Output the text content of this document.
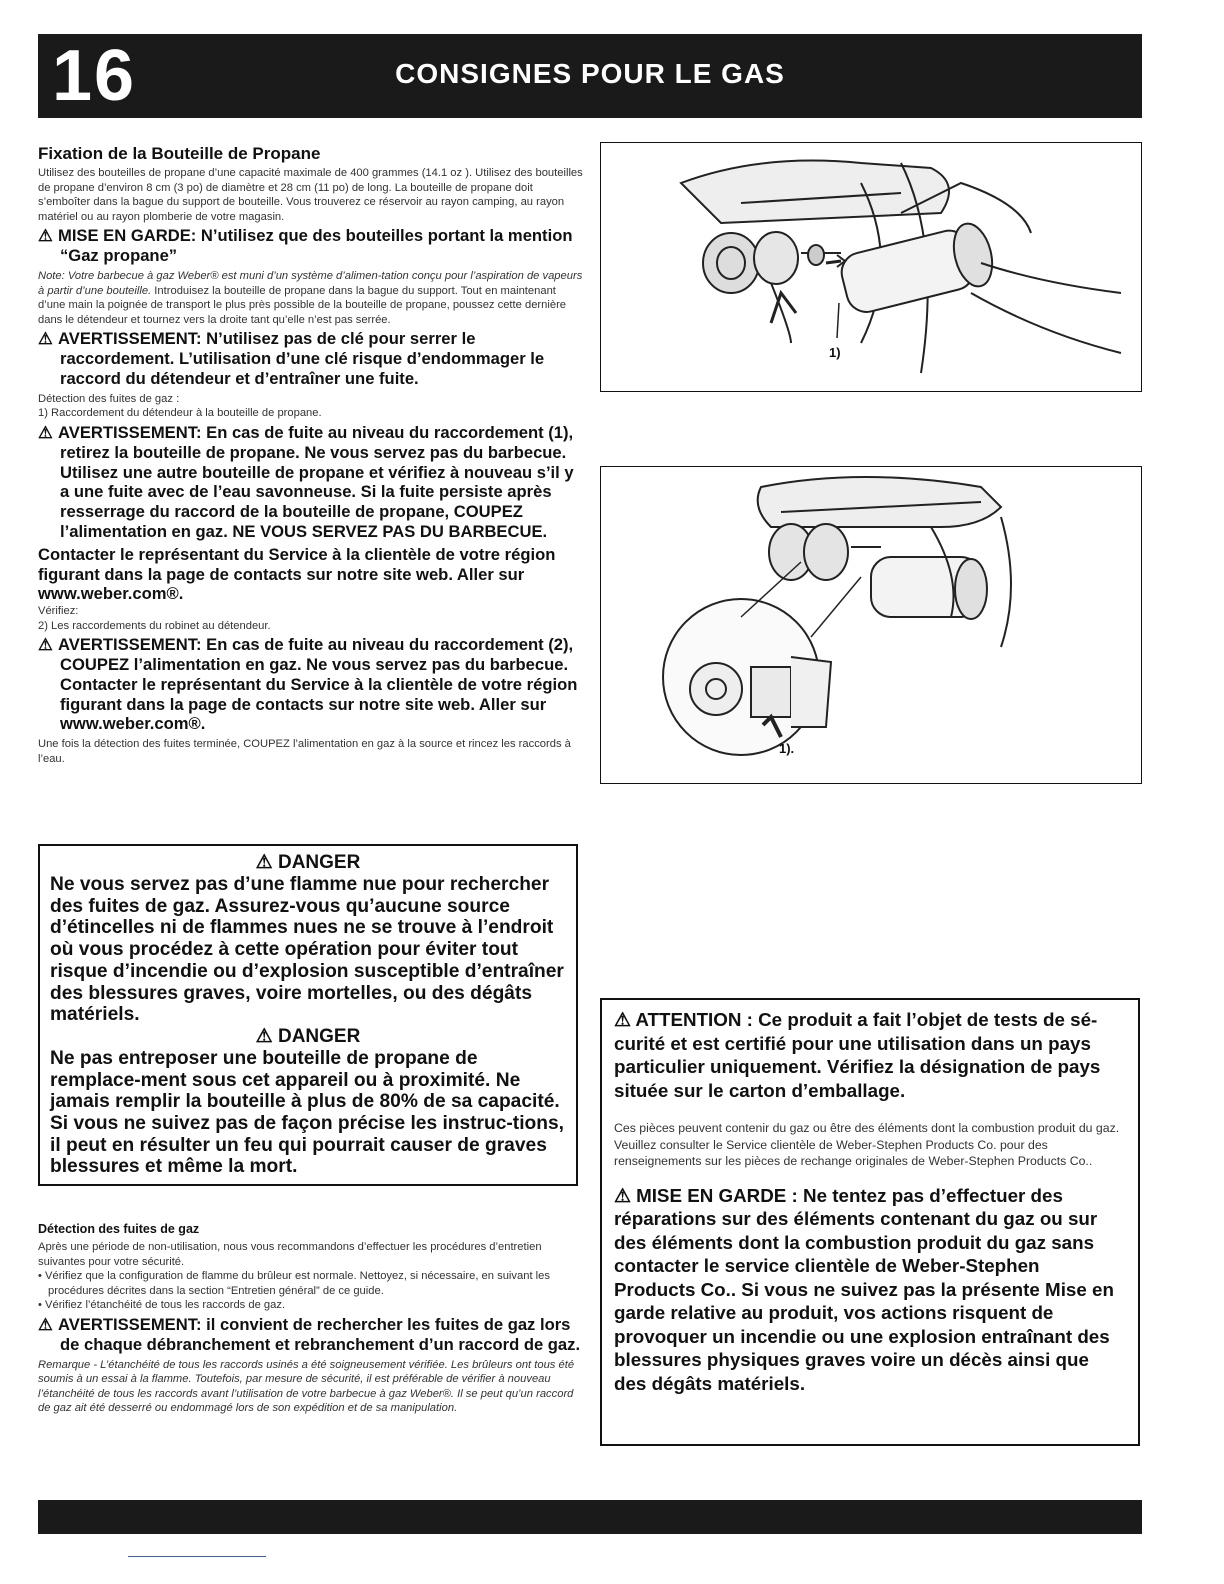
16	CONSIGNES POUR LE GAS
Fixation de la Bouteille de Propane

Utilisez des bouteilles de propane d’une capacité maximale de 400 grammes (14.1 oz ). Utilisez des bouteilles de propane d’environ 8 cm (3 po) de diamètre et 28 cm (11 po) de long. La bouteille de propane doit s’emboîter dans la bague du support de bouteille. Vous trouverez ce réservoir au rayon camping, au rayon matériel ou au rayon plomberie de votre magasin.

⚠ MISE EN GARDE: N’utilisez que des bouteilles portant la mention “Gaz propane”

Note: Votre barbecue à gaz Weber® est muni d’un système d’alimen-tation conçu pour l’aspiration de vapeurs à partir d’une bouteille. Introduisez la bouteille de propane dans la bague du support. Tout en maintenant d’une main la poignée de transport le plus près possible de la bouteille de propane, poussez cette dernière dans le détendeur et tournez vers la droite tant qu’elle n’est pas serrée.

⚠ AVERTISSEMENT: N’utilisez pas de clé pour serrer le raccordement. L’utilisation d’une clé risque d’endommager le raccord du détendeur et d’entraîner une fuite.

Détection des fuites de gaz :

1) Raccordement du détendeur à la bouteille de propane.

⚠ AVERTISSEMENT: En cas de fuite au niveau du raccordement (1), retirez la bouteille de propane. Ne vous servez pas du barbecue. Utilisez une autre bouteille de propane et vérifiez à nouveau s’il y a une fuite avec de l’eau savonneuse. Si la fuite persiste après resserrage du raccord de la bouteille de propane, COUPEZ l’alimentation en gaz. NE VOUS SERVEZ PAS DU BARBECUE.

Contacter le représentant du Service à la clientèle de votre région figurant dans la page de contacts sur notre site web. Aller sur www.weber.com®.

Vérifiez:

2) Les raccordements du robinet au détendeur.

⚠ AVERTISSEMENT: En cas de fuite au niveau du raccordement (2), COUPEZ l’alimentation en gaz. Ne vous servez pas du barbecue. Contacter le représentant du Service à la clientèle de votre région figurant dans la page de contacts sur notre site web. Aller sur www.weber.com®.

Une fois la détection des fuites terminée, COUPEZ l’alimentation en gaz à la source et rincez les raccords à l’eau.

⚠ DANGER

Ne vous servez pas d’une flamme nue pour rechercher des fuites de gaz. Assurez-vous qu’aucune source d’étincelles ni de flammes nues ne se trouve à l’endroit où vous procédez à cette opération pour éviter tout risque d’incendie ou d’explosion susceptible d’entraîner des blessures graves, voire mortelles, ou des dégâts matériels.

⚠ DANGER

Ne pas entreposer une bouteille de propane de remplace-ment sous cet appareil ou à proximité. Ne jamais remplir la bouteille à plus de 80% de sa capacité. Si vous ne suivez pas de façon précise les instruc-tions, il peut en résulter un feu qui pourrait causer de graves blessures et même la mort.

Détection des fuites de gaz

Après une période de non-utilisation, nous vous recommandons d’effectuer les procédures d’entretien suivantes pour votre sécurité.

• Vérifiez que la configuration de flamme du brûleur est normale. Nettoyez, si nécessaire, en suivant les procédures décrites dans la section “Entretien général” de ce guide.

• Vérifiez l’étanchéité de tous les raccords de gaz.

⚠ AVERTISSEMENT: il convient de rechercher les fuites de gaz lors de chaque débranchement et rebranchement d’un raccord de gaz.

Remarque - L’étanchéité de tous les raccords usinés a été soigneusement vérifiée. Les brûleurs ont tous été soumis à un essai à la flamme. Toutefois, par mesure de sécurité, il est préférable de vérifier à nouveau l’étanchéité de tous les raccords avant l’utilisation de votre barbecue à gaz Weber®. Il se peut qu’un raccord de gaz ait été desserré ou endommagé lors de son expédition et de sa manipulation.

1)
1).

⚠ ATTENTION : Ce produit a fait l’objet de tests de sé-curité et est certifié pour une utilisation dans un pays particulier uniquement. Vérifiez la désignation de pays située sur le carton d’emballage.

Ces pièces peuvent contenir du gaz ou être des éléments dont la combustion produit du gaz. Veuillez consulter le Service clientèle de Weber-Stephen Products Co. pour des renseignements sur les pièces de rechange originales de Weber-Stephen Products Co..

⚠ MISE EN GARDE : Ne tentez pas d’effectuer des réparations sur des éléments contenant du gaz ou sur des éléments dont la combustion produit du gaz sans contacter le service clientèle de Weber-Stephen Products Co.. Si vous ne suivez pas la présente Mise en garde relative au produit, vos actions risquent de provoquer un incendie ou une explosion entraînant des blessures physiques graves voire un décès ainsi que des dégâts matériels.
